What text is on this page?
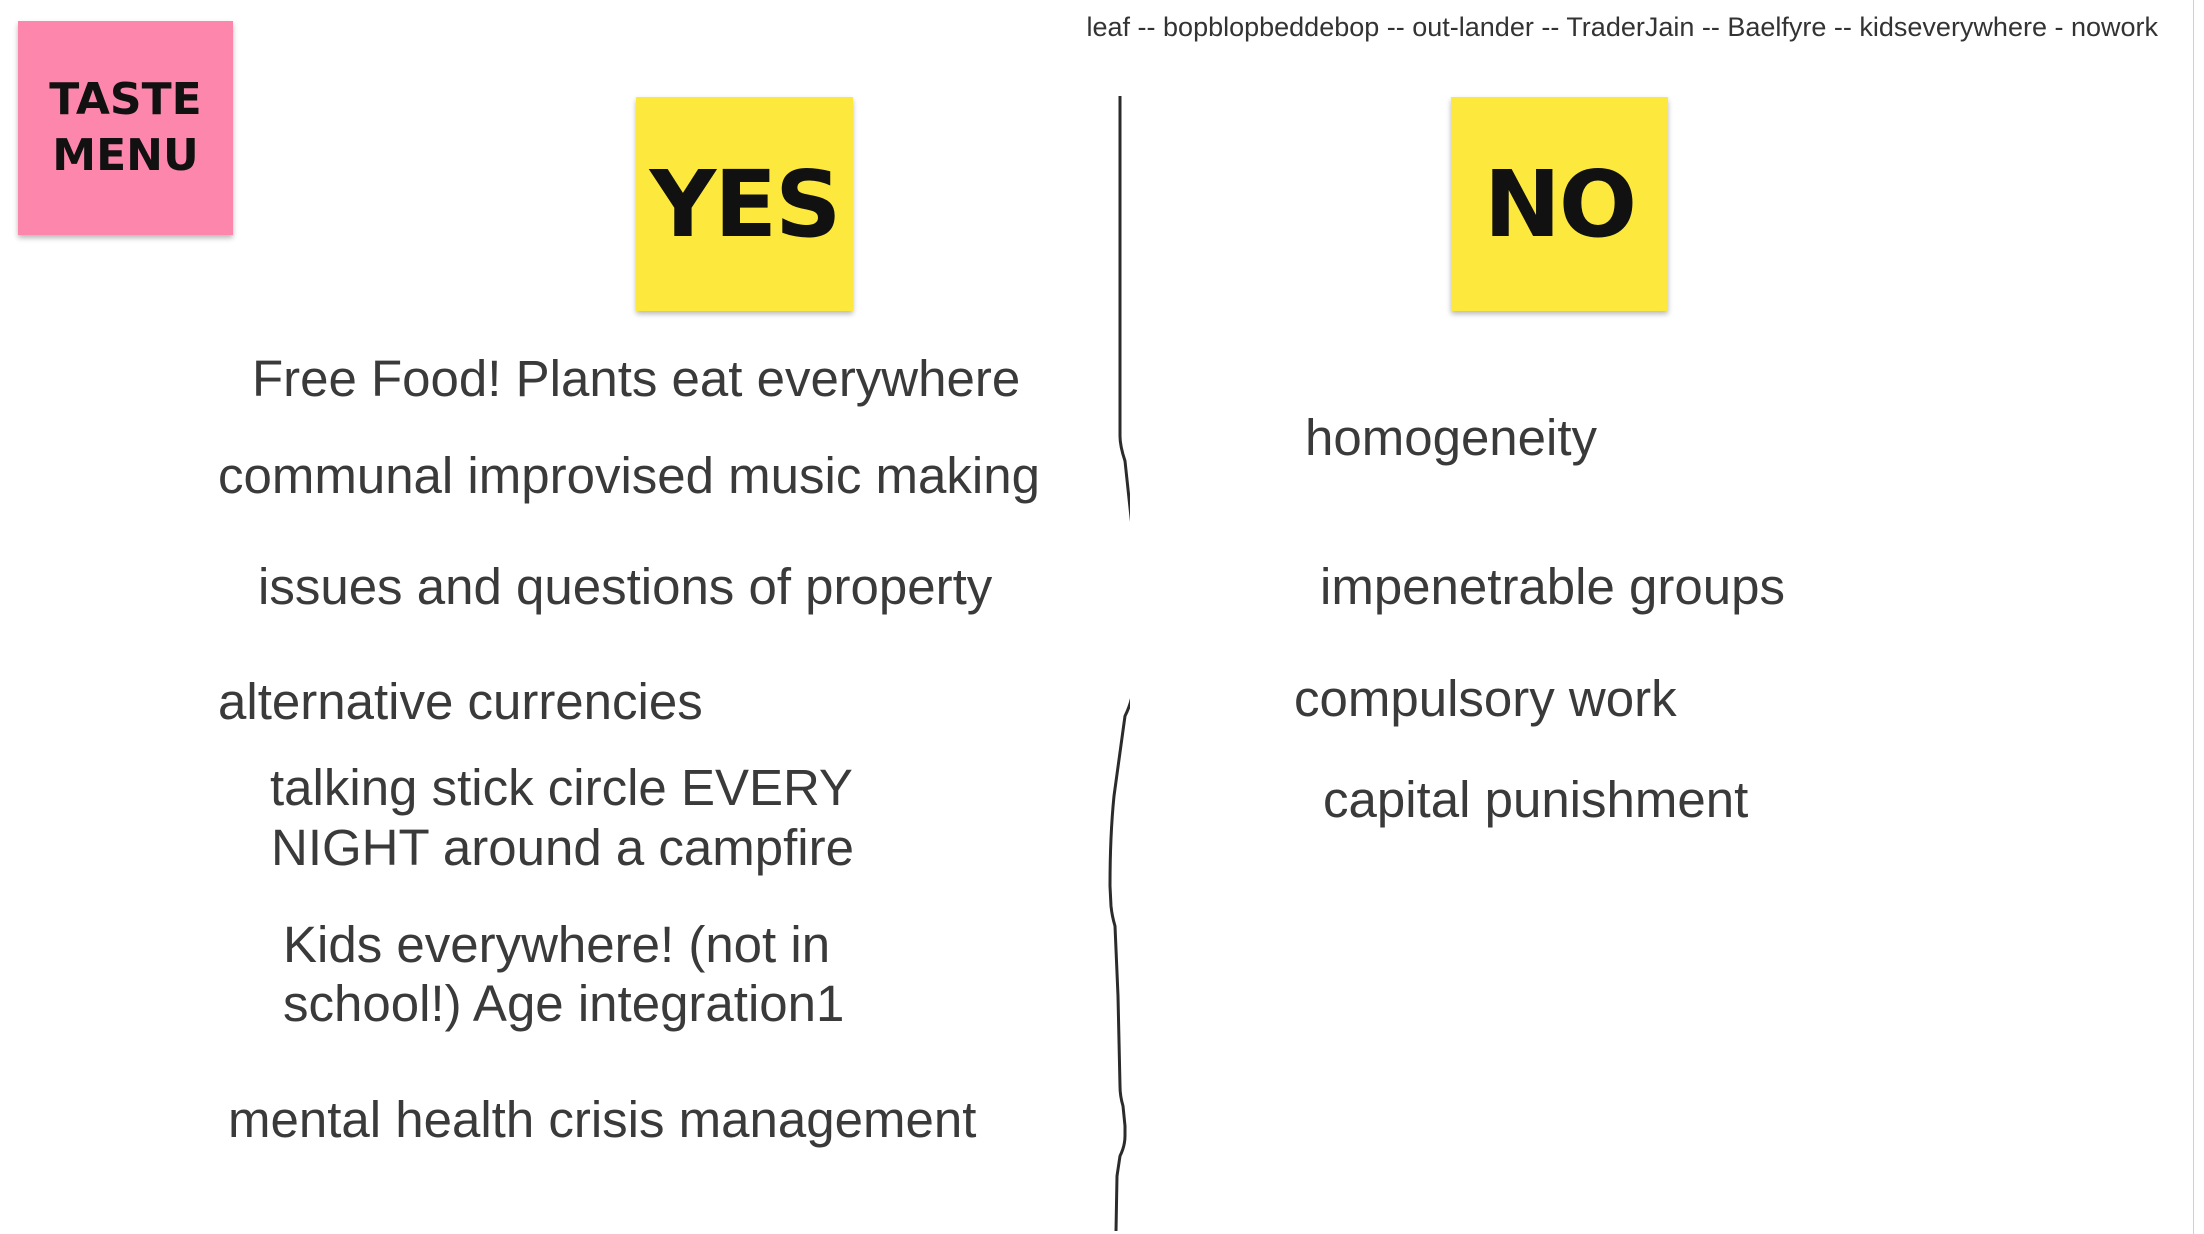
leaf -- bopblopbeddebop -- out-lander -- TraderJain -- Baelfyre -- kidseverywhere - nowork
TASTE
MENU	YES	NO
Free Food! Plants eat everywhere
communal improvised music making
issues and questions of property
alternative currencies
talking stick circle EVERY
NIGHT around a campfire
Kids everywhere! (not in
school!) Age integration1
mental health crisis management
homogeneity
impenetrable groups
compulsory work
capital punishment
